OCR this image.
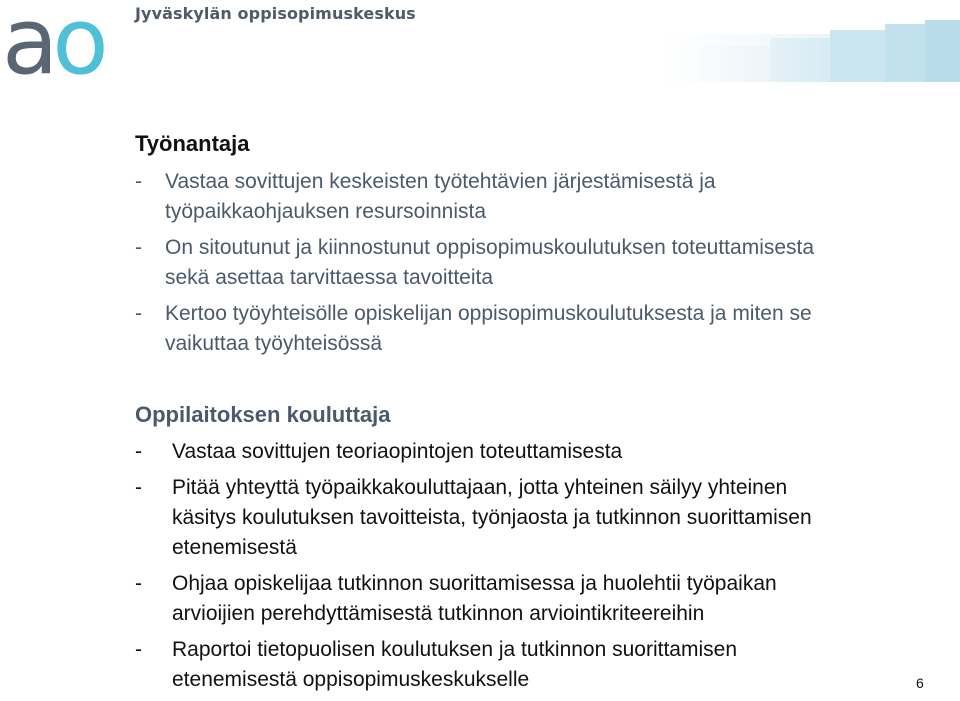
Jyväskylän oppisopimuskeskus
ao
Työnantaja
- Vastaa sovittujen keskeisten työtehtävien järjestämisestä ja
työpaikkaohjauksen resursoinnista
- On sitoutunut ja kiinnostunut oppisopimuskoulutuksen toteuttamisesta
sekä asettaa tarvittaessa tavoitteita
- Kertoo työyhteisölle opiskelijan oppisopimuskoulutuksesta ja miten se
vaikuttaa työyhteisössä
Oppilaitoksen kouluttaja
- Vastaa sovittujen teoriaopintojen toteuttamisesta
- Pitää yhteyttä työpaikkakouluttajaan, jotta yhteinen säilyy yhteinen
käsitys koulutuksen tavoitteista, työnjaosta ja tutkinnon suorittamisen
etenemisestä
- Ohjaa opiskelijaa tutkinnon suorittamisessa ja huolehtii työpaikan
arvioijien perehdyttämisestä tutkinnon arviointikriteereihin
- Raportoi tietopuolisen koulutuksen ja tutkinnon suorittamisen
etenemisestä oppisopimuskeskukselle	6
